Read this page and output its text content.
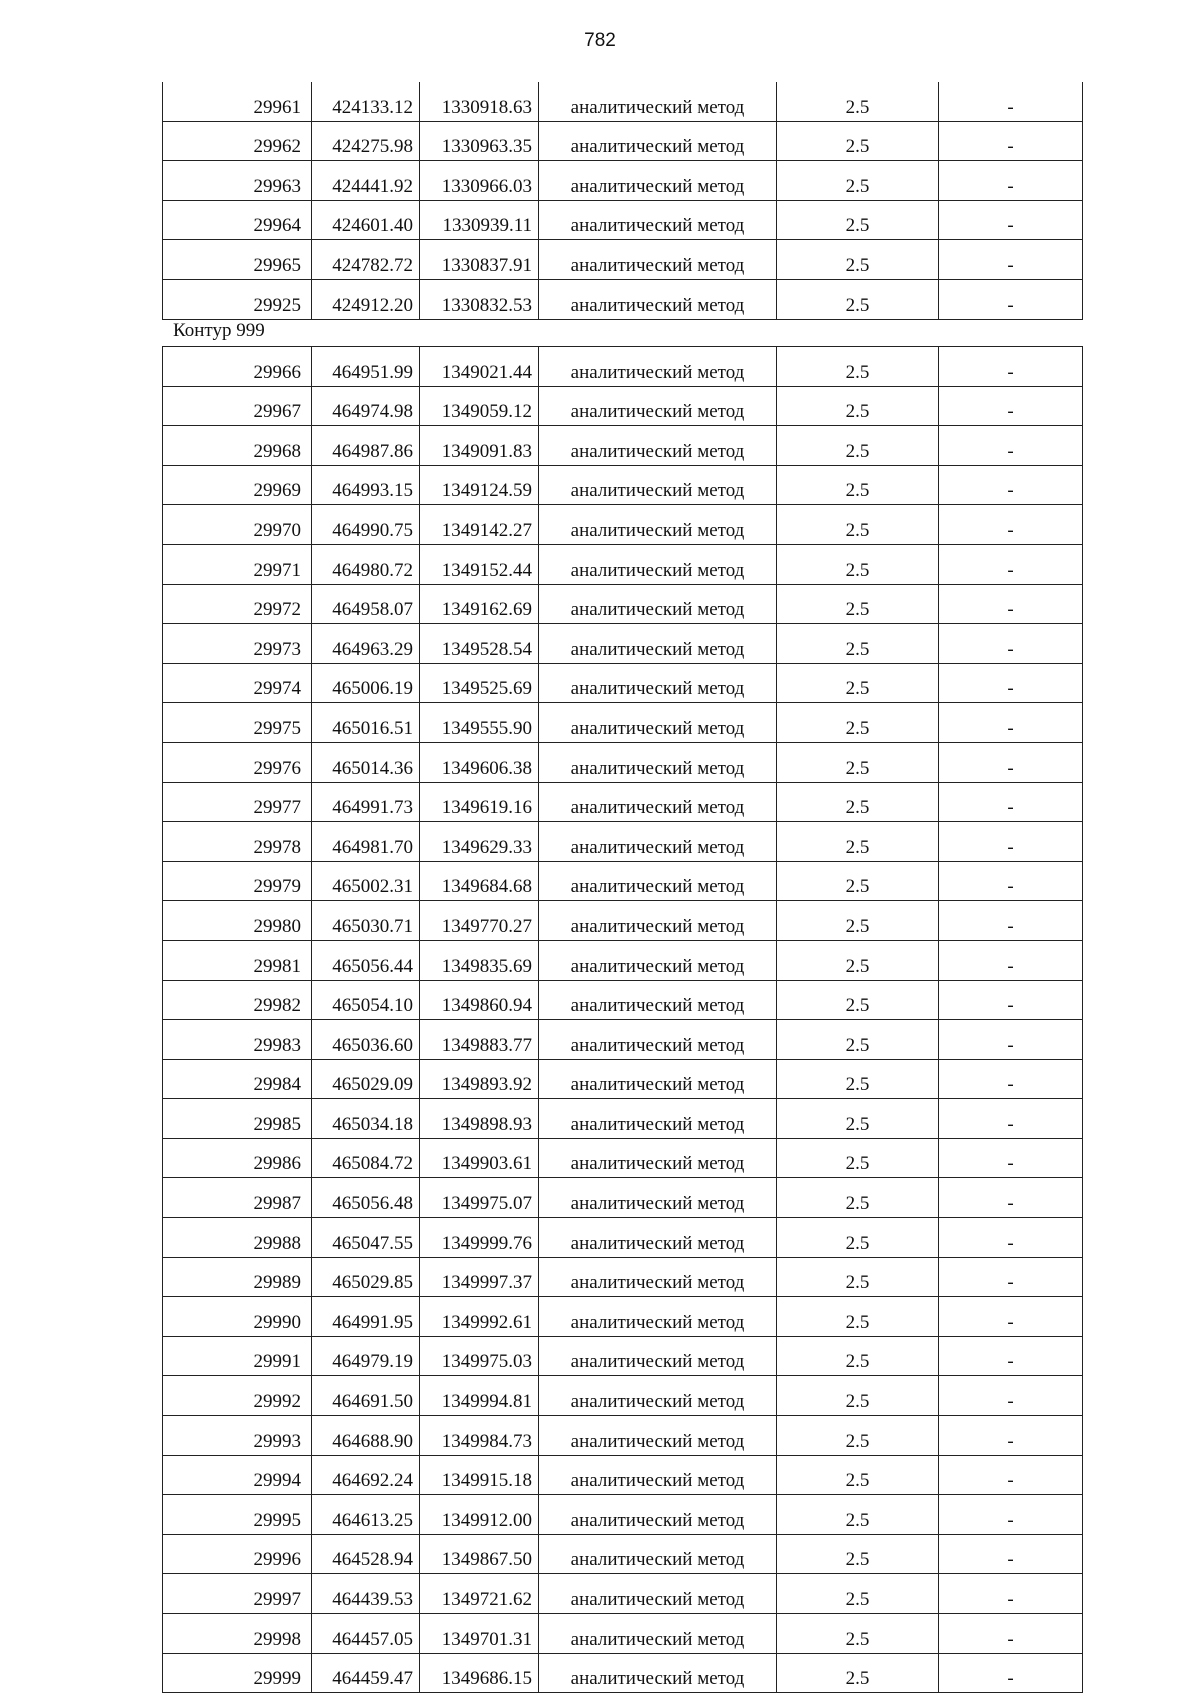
782
29961	424133.12	1330918.63	аналитический метод	2.5	-
29962	424275.98	1330963.35	аналитический метод	2.5	-
29963	424441.92	1330966.03	аналитический метод	2.5	-
29964	424601.40	1330939.11	аналитический метод	2.5	-
29965	424782.72	1330837.91	аналитический метод	2.5	-
29925	424912.20	1330832.53	аналитический метод	2.5	-
Контур 999
29966	464951.99	1349021.44	аналитический метод	2.5	-
29967	464974.98	1349059.12	аналитический метод	2.5	-
29968	464987.86	1349091.83	аналитический метод	2.5	-
29969	464993.15	1349124.59	аналитический метод	2.5	-
29970	464990.75	1349142.27	аналитический метод	2.5	-
29971	464980.72	1349152.44	аналитический метод	2.5	-
29972	464958.07	1349162.69	аналитический метод	2.5	-
29973	464963.29	1349528.54	аналитический метод	2.5	-
29974	465006.19	1349525.69	аналитический метод	2.5	-
29975	465016.51	1349555.90	аналитический метод	2.5	-
29976	465014.36	1349606.38	аналитический метод	2.5	-
29977	464991.73	1349619.16	аналитический метод	2.5	-
29978	464981.70	1349629.33	аналитический метод	2.5	-
29979	465002.31	1349684.68	аналитический метод	2.5	-
29980	465030.71	1349770.27	аналитический метод	2.5	-
29981	465056.44	1349835.69	аналитический метод	2.5	-
29982	465054.10	1349860.94	аналитический метод	2.5	-
29983	465036.60	1349883.77	аналитический метод	2.5	-
29984	465029.09	1349893.92	аналитический метод	2.5	-
29985	465034.18	1349898.93	аналитический метод	2.5	-
29986	465084.72	1349903.61	аналитический метод	2.5	-
29987	465056.48	1349975.07	аналитический метод	2.5	-
29988	465047.55	1349999.76	аналитический метод	2.5	-
29989	465029.85	1349997.37	аналитический метод	2.5	-
29990	464991.95	1349992.61	аналитический метод	2.5	-
29991	464979.19	1349975.03	аналитический метод	2.5	-
29992	464691.50	1349994.81	аналитический метод	2.5	-
29993	464688.90	1349984.73	аналитический метод	2.5	-
29994	464692.24	1349915.18	аналитический метод	2.5	-
29995	464613.25	1349912.00	аналитический метод	2.5	-
29996	464528.94	1349867.50	аналитический метод	2.5	-
29997	464439.53	1349721.62	аналитический метод	2.5	-
29998	464457.05	1349701.31	аналитический метод	2.5	-
29999	464459.47	1349686.15	аналитический метод	2.5	-
